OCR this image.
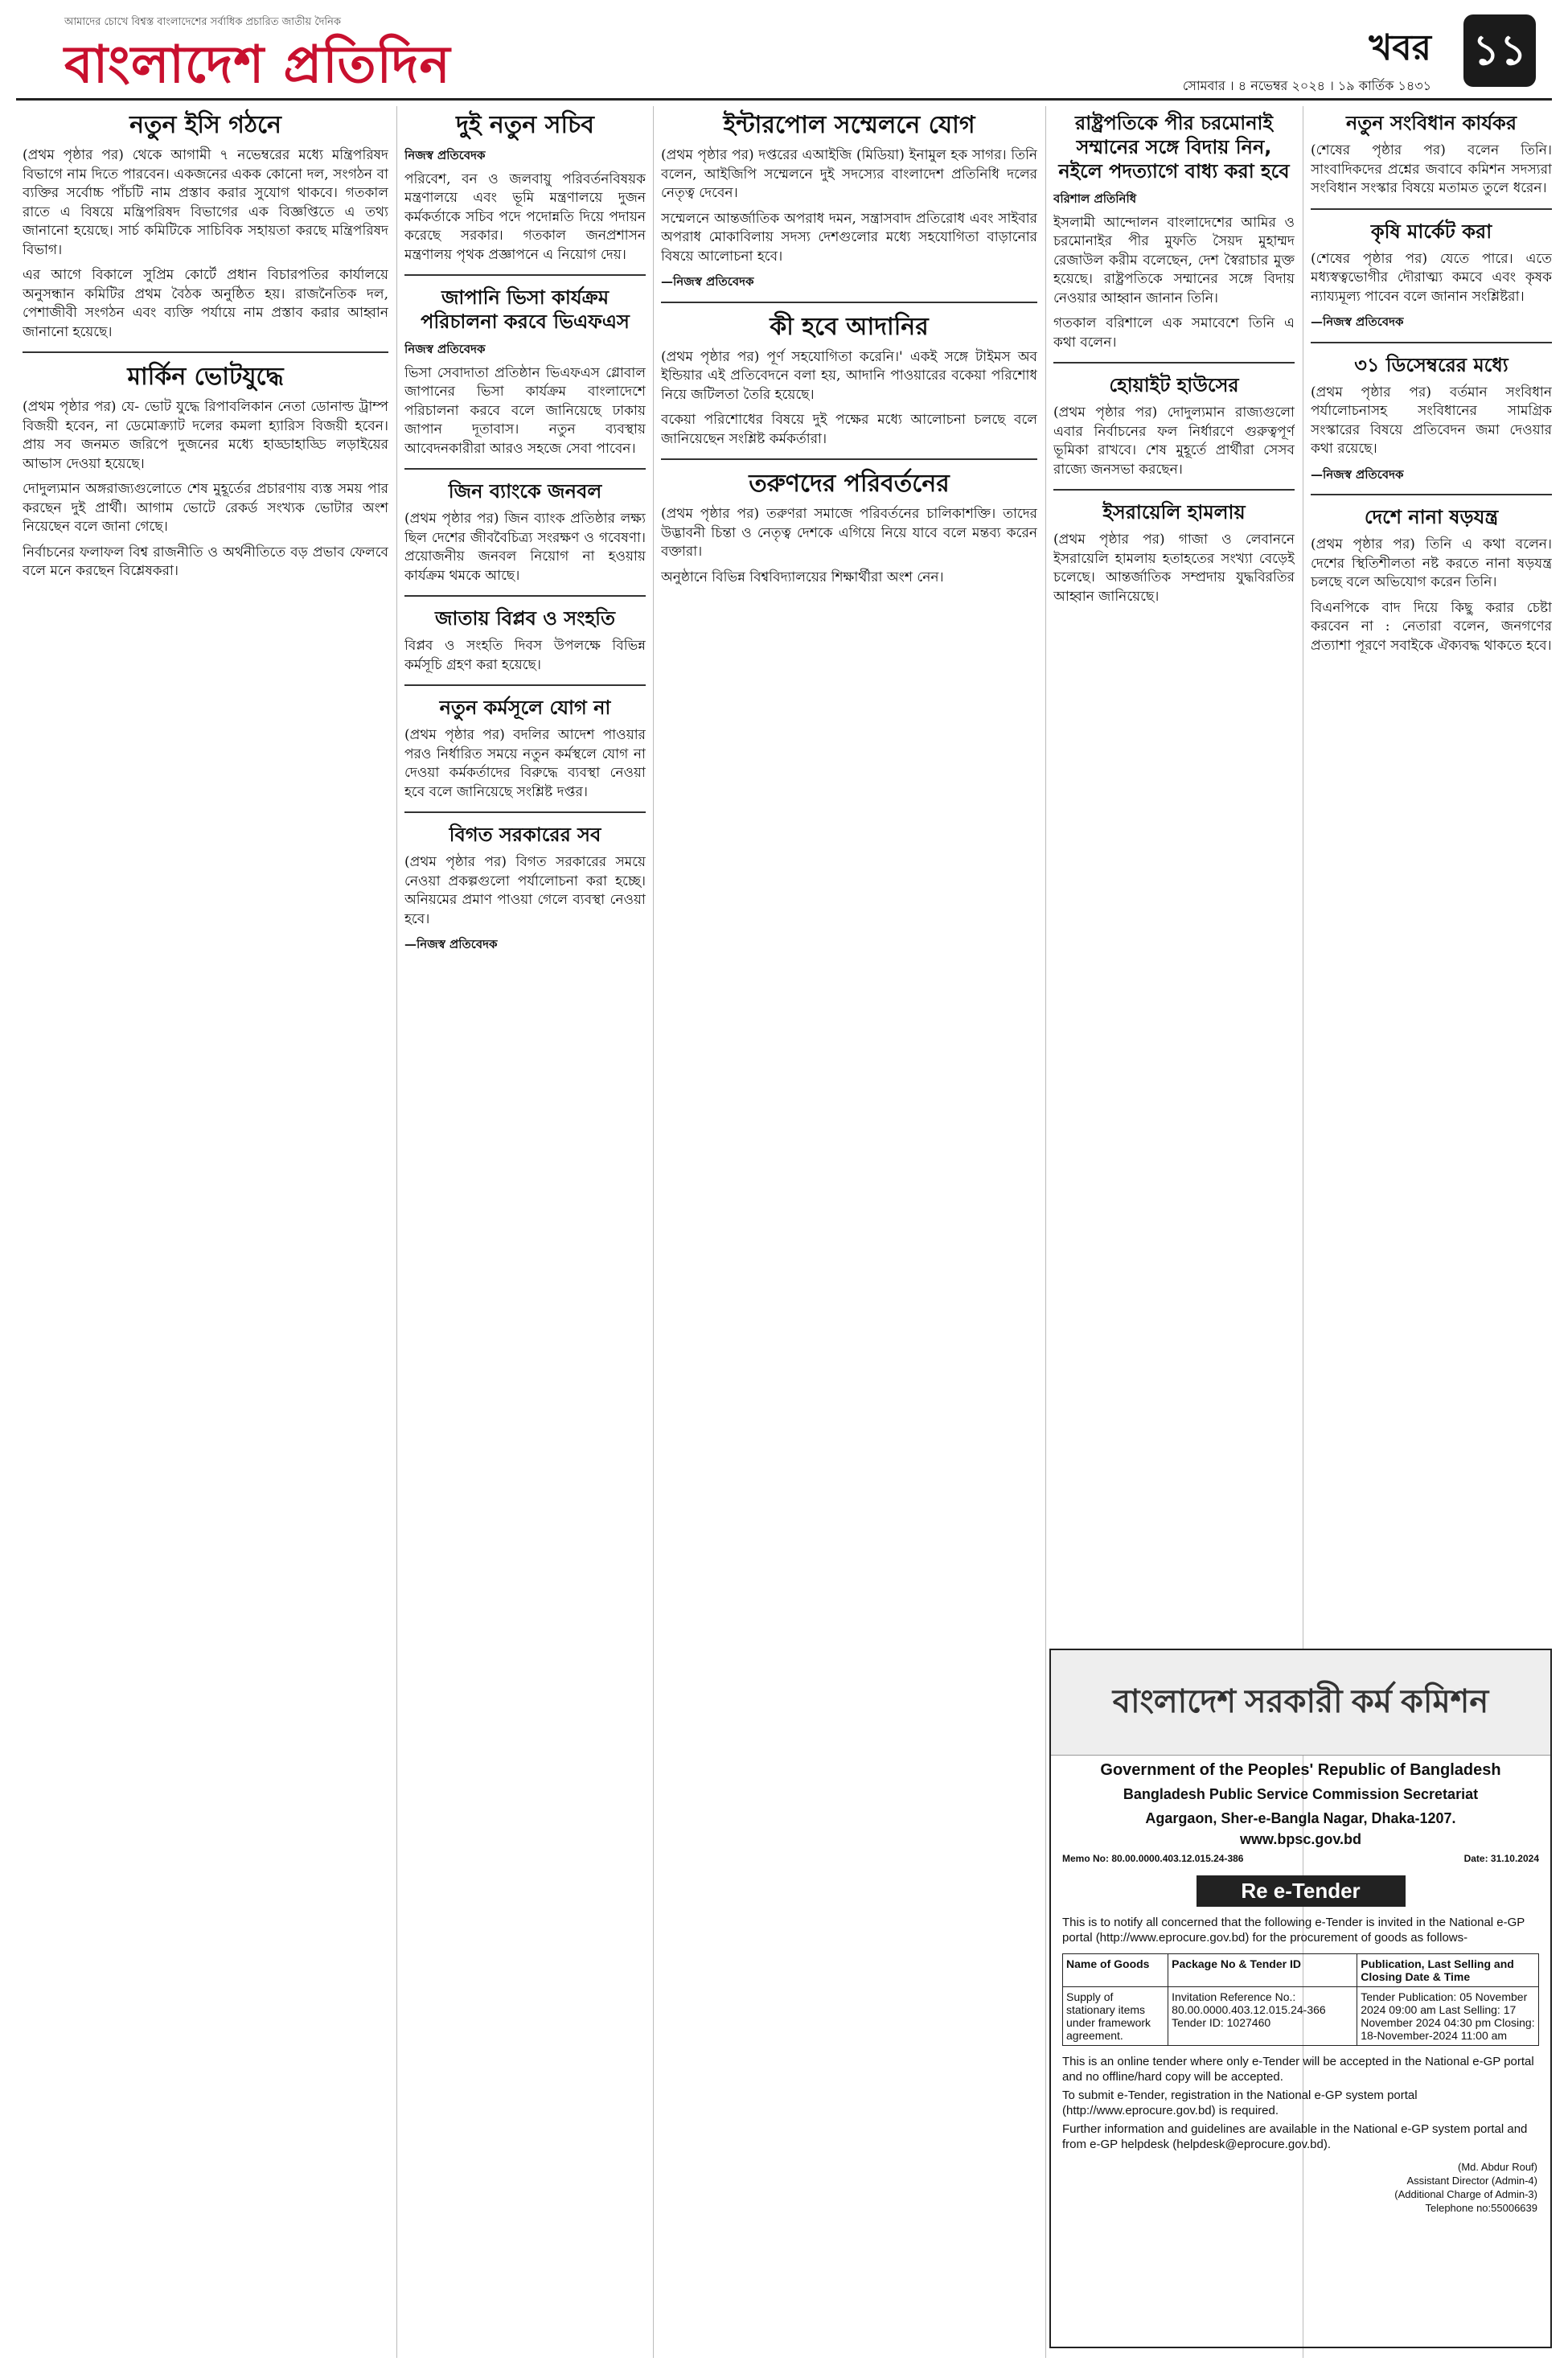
আমাদের চোখে বিশ্বস্ত বাংলাদেশের সর্বাধিক প্রচারিত জাতীয় দৈনিক
বাংলাদেশ প্রতিদিন	খবর ১১
সোমবার । ৪ নভেম্বর ২০২৪ । ১৯ কার্তিক ১৪৩১
নতুন ইসি গঠনে

(প্রথম পৃষ্ঠার পর) থেকে আগামী ৭ নভেম্বরের মধ্যে মন্ত্রিপরিষদ বিভাগে নাম দিতে পারবেন। একজনের একক কোনো দল, সংগঠন বা ব্যক্তির সর্বোচ্চ পাঁচটি নাম প্রস্তাব করার সুযোগ থাকবে। গতকাল রাতে এ বিষয়ে মন্ত্রিপরিষদ বিভাগের এক বিজ্ঞপ্তিতে এ তথ্য জানানো হয়েছে। সার্চ কমিটিকে সাচিবিক সহায়তা করছে মন্ত্রিপরিষদ বিভাগ।

এর আগে বিকালে সুপ্রিম কোর্টে প্রধান বিচারপতির কার্যালয়ে অনুসন্ধান কমিটির প্রথম বৈঠক অনুষ্ঠিত হয়। রাজনৈতিক দল, পেশাজীবী সংগঠন এবং ব্যক্তি পর্যায়ে নাম প্রস্তাব করার আহ্বান জানানো হয়েছে।

মার্কিন ভোটযুদ্ধে

(প্রথম পৃষ্ঠার পর) যে- ভোট যুদ্ধে রিপাবলিকান নেতা ডোনাল্ড ট্রাম্প বিজয়ী হবেন, না ডেমোক্র্যাট দলের কমলা হ্যারিস বিজয়ী হবেন। প্রায় সব জনমত জরিপে দুজনের মধ্যে হাড্ডাহাড্ডি লড়াইয়ের আভাস দেওয়া হয়েছে।

দোদুল্যমান অঙ্গরাজ্যগুলোতে শেষ মুহূর্তের প্রচারণায় ব্যস্ত সময় পার করছেন দুই প্রার্থী। আগাম ভোটে রেকর্ড সংখ্যক ভোটার অংশ নিয়েছেন বলে জানা গেছে।

নির্বাচনের ফলাফল বিশ্ব রাজনীতি ও অর্থনীতিতে বড় প্রভাব ফেলবে বলে মনে করছেন বিশ্লেষকরা।

দুই নতুন সচিব
নিজস্ব প্রতিবেদক

পরিবেশ, বন ও জলবায়ু পরিবর্তনবিষয়ক মন্ত্রণালয়ে এবং ভূমি মন্ত্রণালয়ে দুজন কর্মকর্তাকে সচিব পদে পদোন্নতি দিয়ে পদায়ন করেছে সরকার। গতকাল জনপ্রশাসন মন্ত্রণালয় পৃথক প্রজ্ঞাপনে এ নিয়োগ দেয়।

জাপানি ভিসা কার্যক্রম পরিচালনা করবে ভিএফএস
নিজস্ব প্রতিবেদক

ভিসা সেবাদাতা প্রতিষ্ঠান ভিএফএস গ্লোবাল জাপানের ভিসা কার্যক্রম বাংলাদেশে পরিচালনা করবে বলে জানিয়েছে ঢাকায় জাপান দূতাবাস। নতুন ব্যবস্থায় আবেদনকারীরা আরও সহজে সেবা পাবেন।

জিন ব্যাংকে জনবল

(প্রথম পৃষ্ঠার পর) জিন ব্যাংক প্রতিষ্ঠার লক্ষ্য ছিল দেশের জীববৈচিত্র্য সংরক্ষণ ও গবেষণা। প্রয়োজনীয় জনবল নিয়োগ না হওয়ায় কার্যক্রম থমকে আছে।

জাতায় বিপ্লব ও সংহতি

বিপ্লব ও সংহতি দিবস উপলক্ষে বিভিন্ন কর্মসূচি গ্রহণ করা হয়েছে।

নতুন কর্মসূলে যোগ না

(প্রথম পৃষ্ঠার পর) বদলির আদেশ পাওয়ার পরও নির্ধারিত সময়ে নতুন কর্মস্থলে যোগ না দেওয়া কর্মকর্তাদের বিরুদ্ধে ব্যবস্থা নেওয়া হবে বলে জানিয়েছে সংশ্লিষ্ট দপ্তর।

বিগত সরকারের সব

(প্রথম পৃষ্ঠার পর) বিগত সরকারের সময়ে নেওয়া প্রকল্পগুলো পর্যালোচনা করা হচ্ছে। অনিয়মের প্রমাণ পাওয়া গেলে ব্যবস্থা নেওয়া হবে।

—নিজস্ব প্রতিবেদক
ইন্টারপোল সম্মেলনে যোগ

(প্রথম পৃষ্ঠার পর) দপ্তরের এআইজি (মিডিয়া) ইনামুল হক সাগর। তিনি বলেন, আইজিপি সম্মেলনে দুই সদস্যের বাংলাদেশ প্রতিনিধি দলের নেতৃত্ব দেবেন।

সম্মেলনে আন্তর্জাতিক অপরাধ দমন, সন্ত্রাসবাদ প্রতিরোধ এবং সাইবার অপরাধ মোকাবিলায় সদস্য দেশগুলোর মধ্যে সহযোগিতা বাড়ানোর বিষয়ে আলোচনা হবে।

—নিজস্ব প্রতিবেদক
কী হবে আদানির

(প্রথম পৃষ্ঠার পর) পূর্ণ সহযোগিতা করেনি।' একই সঙ্গে টাইমস অব ইন্ডিয়ার এই প্রতিবেদনে বলা হয়, আদানি পাওয়ারের বকেয়া পরিশোধ নিয়ে জটিলতা তৈরি হয়েছে।

বকেয়া পরিশোধের বিষয়ে দুই পক্ষের মধ্যে আলোচনা চলছে বলে জানিয়েছেন সংশ্লিষ্ট কর্মকর্তারা।

তরুণদের পরিবর্তনের

(প্রথম পৃষ্ঠার পর) তরুণরা সমাজে পরিবর্তনের চালিকাশক্তি। তাদের উদ্ভাবনী চিন্তা ও নেতৃত্ব দেশকে এগিয়ে নিয়ে যাবে বলে মন্তব্য করেন বক্তারা।

অনুষ্ঠানে বিভিন্ন বিশ্ববিদ্যালয়ের শিক্ষার্থীরা অংশ নেন।

রাষ্ট্রপতিকে পীর চরমোনাই সম্মানের সঙ্গে বিদায় নিন, নইলে পদত্যাগে বাধ্য করা হবে
বরিশাল প্রতিনিধি

ইসলামী আন্দোলন বাংলাদেশের আমির ও চরমোনাইর পীর মুফতি সৈয়দ মুহাম্মদ রেজাউল করীম বলেছেন, দেশ স্বৈরাচার মুক্ত হয়েছে। রাষ্ট্রপতিকে সম্মানের সঙ্গে বিদায় নেওয়ার আহ্বান জানান তিনি।

গতকাল বরিশালে এক সমাবেশে তিনি এ কথা বলেন।

হোয়াইট হাউসের

(প্রথম পৃষ্ঠার পর) দোদুল্যমান রাজ্যগুলো এবার নির্বাচনের ফল নির্ধারণে গুরুত্বপূর্ণ ভূমিকা রাখবে। শেষ মুহূর্তে প্রার্থীরা সেসব রাজ্যে জনসভা করছেন।

ইসরায়েলি হামলায়

(প্রথম পৃষ্ঠার পর) গাজা ও লেবাননে ইসরায়েলি হামলায় হতাহতের সংখ্যা বেড়েই চলেছে। আন্তর্জাতিক সম্প্রদায় যুদ্ধবিরতির আহ্বান জানিয়েছে।

নতুন সংবিধান কার্যকর

(শেষের পৃষ্ঠার পর) বলেন তিনি। সাংবাদিকদের প্রশ্নের জবাবে কমিশন সদস্যরা সংবিধান সংস্কার বিষয়ে মতামত তুলে ধরেন।

কৃষি মার্কেট করা

(শেষের পৃষ্ঠার পর) যেতে পারে। এতে মধ্যস্বত্বভোগীর দৌরাত্ম্য কমবে এবং কৃষক ন্যায্যমূল্য পাবেন বলে জানান সংশ্লিষ্টরা।

—নিজস্ব প্রতিবেদক
৩১ ডিসেম্বরের মধ্যে

(প্রথম পৃষ্ঠার পর) বর্তমান সংবিধান পর্যালোচনাসহ সংবিধানের সামগ্রিক সংস্কারের বিষয়ে প্রতিবেদন জমা দেওয়ার কথা রয়েছে।

—নিজস্ব প্রতিবেদক
দেশে নানা ষড়যন্ত্র

(প্রথম পৃষ্ঠার পর) তিনি এ কথা বলেন। দেশের স্থিতিশীলতা নষ্ট করতে নানা ষড়যন্ত্র চলছে বলে অভিযোগ করেন তিনি।

বিএনপিকে বাদ দিয়ে কিছু করার চেষ্টা করবেন না : নেতারা বলেন, জনগণের প্রত্যাশা পূরণে সবাইকে ঐক্যবদ্ধ থাকতে হবে।

বাংলাদেশ সরকারী কর্ম কমিশন
Government of the Peoples' Republic of Bangladesh
Bangladesh Public Service Commission Secretariat
Agargaon, Sher-e-Bangla Nagar, Dhaka-1207.
www.bpsc.gov.bd
Memo No: 80.00.0000.403.12.015.24-386	Date: 31.10.2024
Re e-Tender
This is to notify all concerned that the following e-Tender is invited in the National e-GP portal (http://www.eprocure.gov.bd) for the procurement of goods as follows-
Name of Goods	Package No & Tender ID	Publication, Last Selling and Closing Date & Time
Supply of stationary items under framework agreement.	Invitation Reference No.: 80.00.0000.403.12.015.24-366 Tender ID: 1027460	Tender Publication: 05 November 2024 09:00 am Last Selling: 17 November 2024 04:30 pm Closing: 18-November-2024 11:00 am
This is an online tender where only e-Tender will be accepted in the National e-GP portal and no offline/hard copy will be accepted.
To submit e-Tender, registration in the National e-GP system portal (http://www.eprocure.gov.bd) is required.
Further information and guidelines are available in the National e-GP system portal and from e-GP helpdesk (helpdesk@eprocure.gov.bd).
(Md. Abdur Rouf)
Assistant Director (Admin-4)
(Additional Charge of Admin-3)
Telephone no:55006639
